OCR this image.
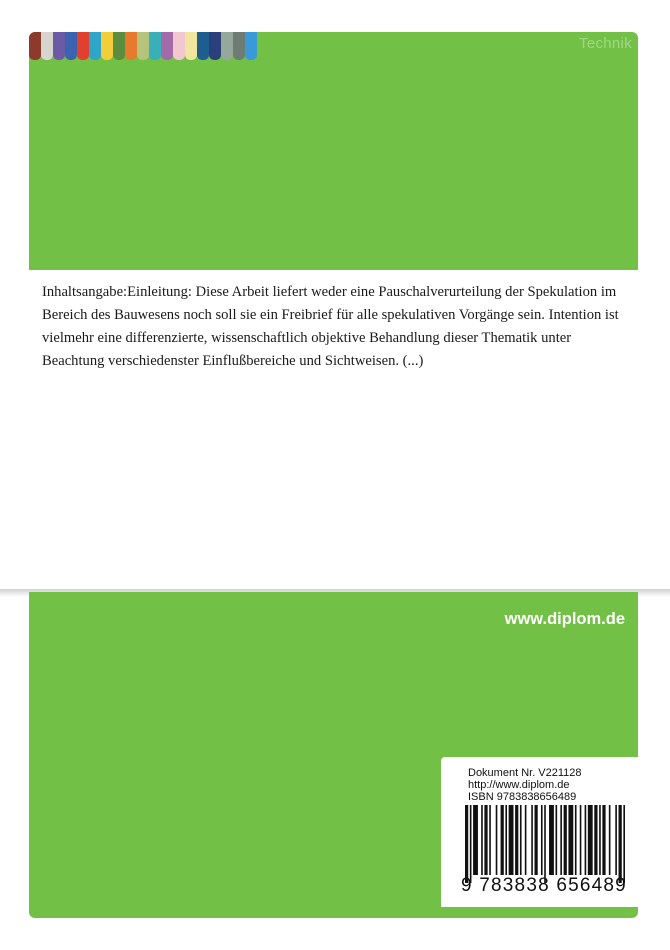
Technik

Inhaltsangabe:Einleitung: Diese Arbeit liefert weder eine Pauschalverurteilung der Spekulation im Bereich des Bauwesens noch soll sie ein Freibrief für alle spekulativen Vorgänge sein. Intention ist vielmehr eine differenzierte, wissenschaftlich objektive Behandlung dieser Thematik unter Beachtung verschiedenster Einflußbereiche und Sichtweisen. (...)

www.diplom.de
Dokument Nr. V221128
http://www.diplom.de
ISBN 9783838656489
9 783838 656489
